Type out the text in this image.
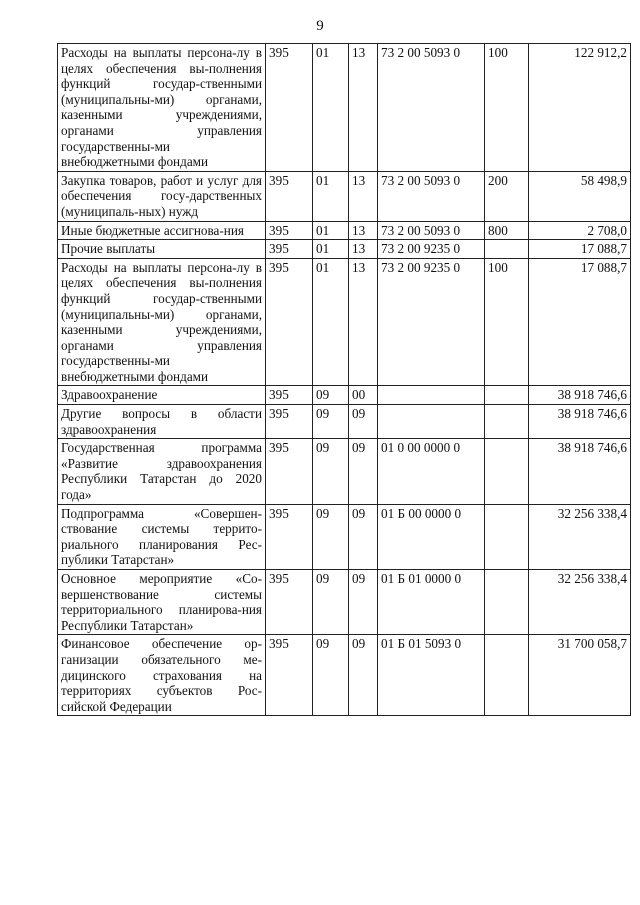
9
Расходы на выплаты персона-лу в целях обеспечения вы-полнения функций государ-ственными (муниципальны-ми) органами, казенными учреждениями, органами управления государственны-ми внебюджетными фондами	395	01	13	73 2 00 5093 0	100	122 912,2
Закупка товаров, работ и услуг для обеспечения госу-дарственных (муниципаль-ных) нужд	395	01	13	73 2 00 5093 0	200	58 498,9
Иные бюджетные ассигнова-ния	395	01	13	73 2 00 5093 0	800	2 708,0
Прочие выплаты	395	01	13	73 2 00 9235 0		17 088,7
Расходы на выплаты персона-лу в целях обеспечения вы-полнения функций государ-ственными (муниципальны-ми) органами, казенными учреждениями, органами управления государственны-ми внебюджетными фондами	395	01	13	73 2 00 9235 0	100	17 088,7
Здравоохранение	395	09	00			38 918 746,6
Другие вопросы в области здравоохранения	395	09	09			38 918 746,6
Государственная программа «Развитие здравоохранения Республики Татарстан до 2020 года»	395	09	09	01 0 00 0000 0		38 918 746,6
Подпрограмма «Совершен-ствование системы террито-риального планирования Рес-публики Татарстан»	395	09	09	01 Б 00 0000 0		32 256 338,4
Основное мероприятие «Со-вершенствование системы территориального планирова-ния Республики Татарстан»	395	09	09	01 Б 01 0000 0		32 256 338,4
Финансовое обеспечение ор-ганизации обязательного ме-дицинского страхования на территориях субъектов Рос-сийской Федерации	395	09	09	01 Б 01 5093 0		31 700 058,7
